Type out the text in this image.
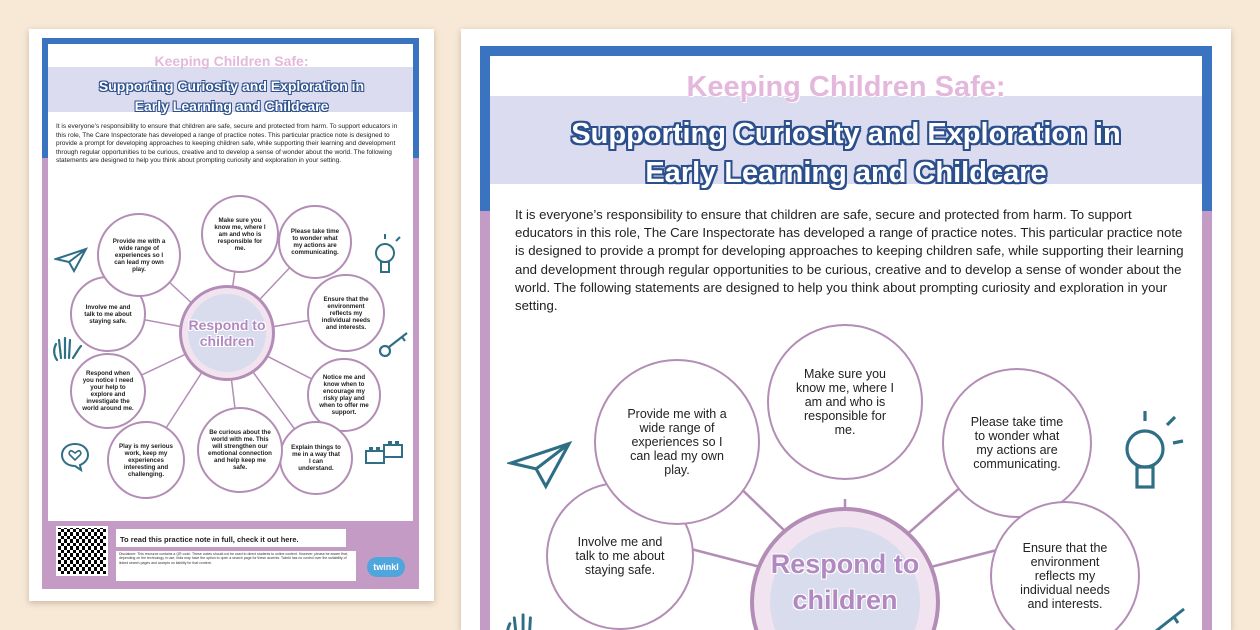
Keeping Children Safe:
Supporting Curiosity and Exploration in
Early Learning and Childcare
It is everyone’s responsibility to ensure that children are safe, secure and protected from harm. To support educators in this role, The Care Inspectorate has developed a range of practice notes. This particular practice note is designed to provide a prompt for developing approaches to keeping children safe, while supporting their learning and development through regular opportunities to be curious, creative and to develop a sense of wonder about the world. The following statements are designed to help you think about prompting curiosity and exploration in your setting.
Make sure you know me, where I am and who is responsible for me.
Please take time to wonder what my actions are communicating.
Ensure that the environment reflects my individual needs and interests.
Notice me and know when to encourage my risky play and when to offer me support.
Explain things to me in a way that I can understand.
Be curious about the world with me. This will strengthen our emotional connection and help keep me safe.
Play is my serious work, keep my experiences interesting and challenging.
Respond when you notice I need your help to explore and investigate the world around me.
Involve me and talk to me about staying safe.
Provide me with a wide range of experiences so I can lead my own play.
Respond to children
To read this practice note in full, check it out here.
Disclaimer: This resource contains a QR code. These codes should not be used to direct students to online content. However, please be aware that, depending on the technology in use, links may have the option to open a search page for these accents. Twinkl has no control over the suitability of linked search pages and accepts no liability for that content.	twinkl
Keeping Children Safe:
Supporting Curiosity and Exploration in
Early Learning and Childcare
It is everyone’s responsibility to ensure that children are safe, secure and protected from harm. To support educators in this role, The Care Inspectorate has developed a range of practice notes. This particular practice note is designed to provide a prompt for developing approaches to keeping children safe, while supporting their learning and development through regular opportunities to be curious, creative and to develop a sense of wonder about the world. The following statements are designed to help you think about prompting curiosity and exploration in your setting.
Make sure you know me, where I am and who is responsible for me.
Please take time to wonder what my actions are communicating.
Ensure that the environment reflects my individual needs and interests.
Involve me and talk to me about staying safe.
Provide me with a wide range of experiences so I can lead my own play.
Respond to children
